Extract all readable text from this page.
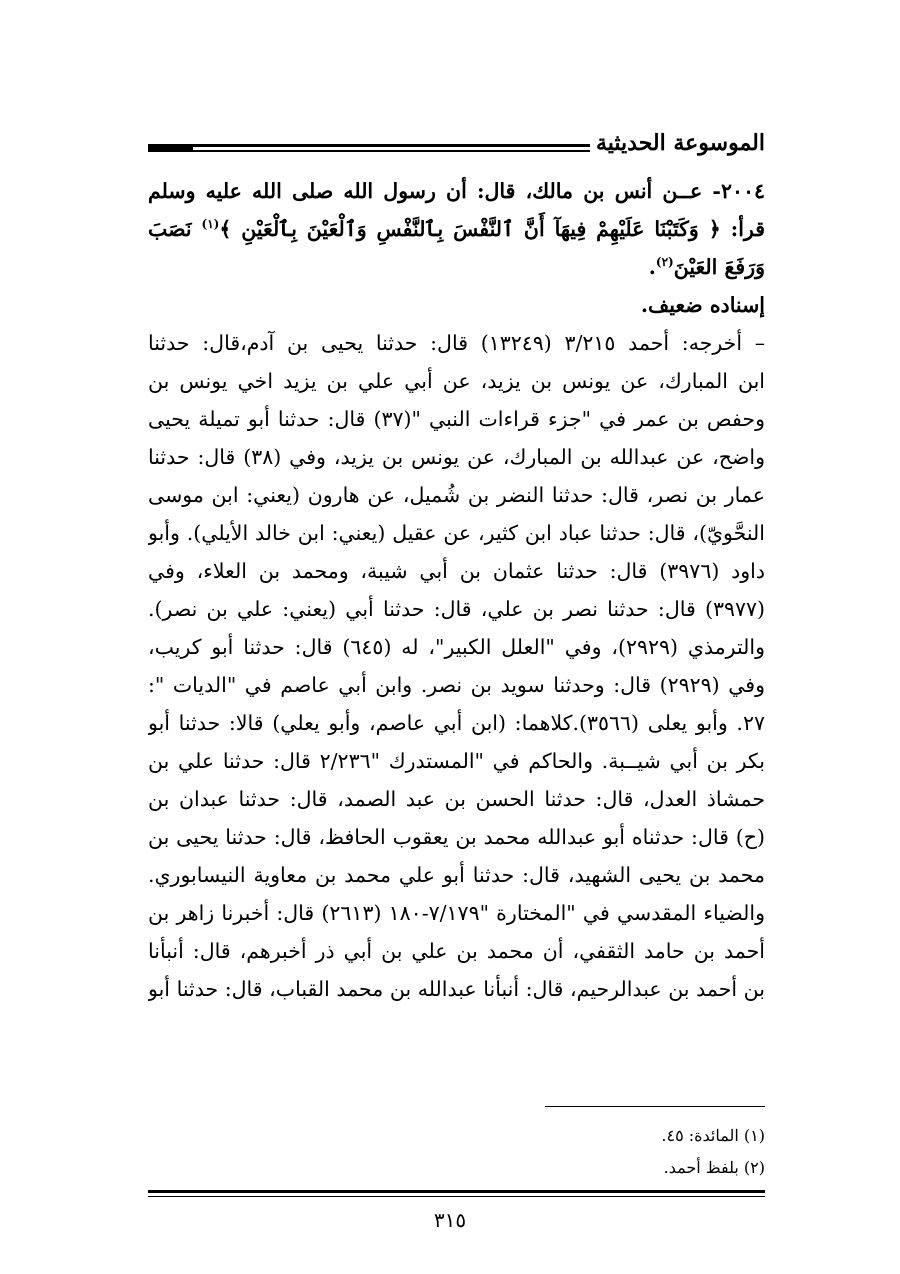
الموسوعة الحديثية
٢٠٠٤- عــن أنس بن مالك، قال: أن رسول الله صلى الله عليه وسلم
قرأ: ﴿ وَكَتَبْنَا عَلَيْهِمْ فِيهَآ أَنَّ ٱلنَّفْسَ بِٱلنَّفْسِ وَٱلْعَيْنَ بِٱلْعَيْنِ ﴾$^{(١)}$ نَصَبَ
وَرَفَعَ العَيْنَ$^{(٢)}$.
إسناده ضعيف.
– أخرجه: أحمد ٣/٢١٥ (١٣٢٤٩) قال: حدثنا يحيى بن آدم،قال: حدثنا
ابن المبارك، عن يونس بن يزيد، عن أبي علي بن يزيد اخي يونس بن
وحفص بن عمر في "جزء قراءات النبي "(٣٧) قال: حدثنا أبو تميلة يحيى
واضح، عن عبدالله بن المبارك، عن يونس بن يزيد، وفي (٣٨) قال: حدثنا
عمار بن نصر، قال: حدثنا النضر بن شُميل، عن هارون (يعني: ابن موسى
النحَّويّ)، قال: حدثنا عباد ابن كثير، عن عقيل (يعني: ابن خالد الأيلي). وأبو
داود (٣٩٧٦) قال: حدثنا عثمان بن أبي شيبة، ومحمد بن العلاء، وفي
(٣٩٧٧) قال: حدثنا نصر بن علي، قال: حدثنا أبي (يعني: علي بن نصر).
والترمذي (٢٩٢٩)، وفي "العلل الكبير"، له (٦٤٥) قال: حدثنا أبو كريب،
وفي (٢٩٢٩) قال: وحدثنا سويد بن نصر. وابن أبي عاصم في "الديات ":
٢٧. وأبو يعلى (٣٥٦٦).كلاهما: (ابن أبي عاصم، وأبو يعلي) قالا: حدثنا أبو
بكر بن أبي شيــبة. والحاكم في "المستدرك "٢/٢٣٦ قال: حدثنا علي بن
حمشاذ العدل، قال: حدثنا الحسن بن عبد الصمد، قال: حدثنا عبدان بن
(ح) قال: حدثناه أبو عبدالله محمد بن يعقوب الحافظ، قال: حدثنا يحيى بن
محمد بن يحيى الشهيد، قال: حدثنا أبو علي محمد بن معاوية النيسابوري.
والضياء المقدسي في "المختارة "٧/١٧٩-١٨٠ (٢٦١٣) قال: أخبرنا زاهر بن
أحمد بن حامد الثقفي، أن محمد بن علي بن أبي ذر أخبرهم، قال: أنبأنا
بن أحمد بن عبدالرحيم، قال: أنبأنا عبدالله بن محمد القباب، قال: حدثنا أبو
(١) المائدة: ٤٥.
(٢) بلفظ أحمد.
٣١٥
